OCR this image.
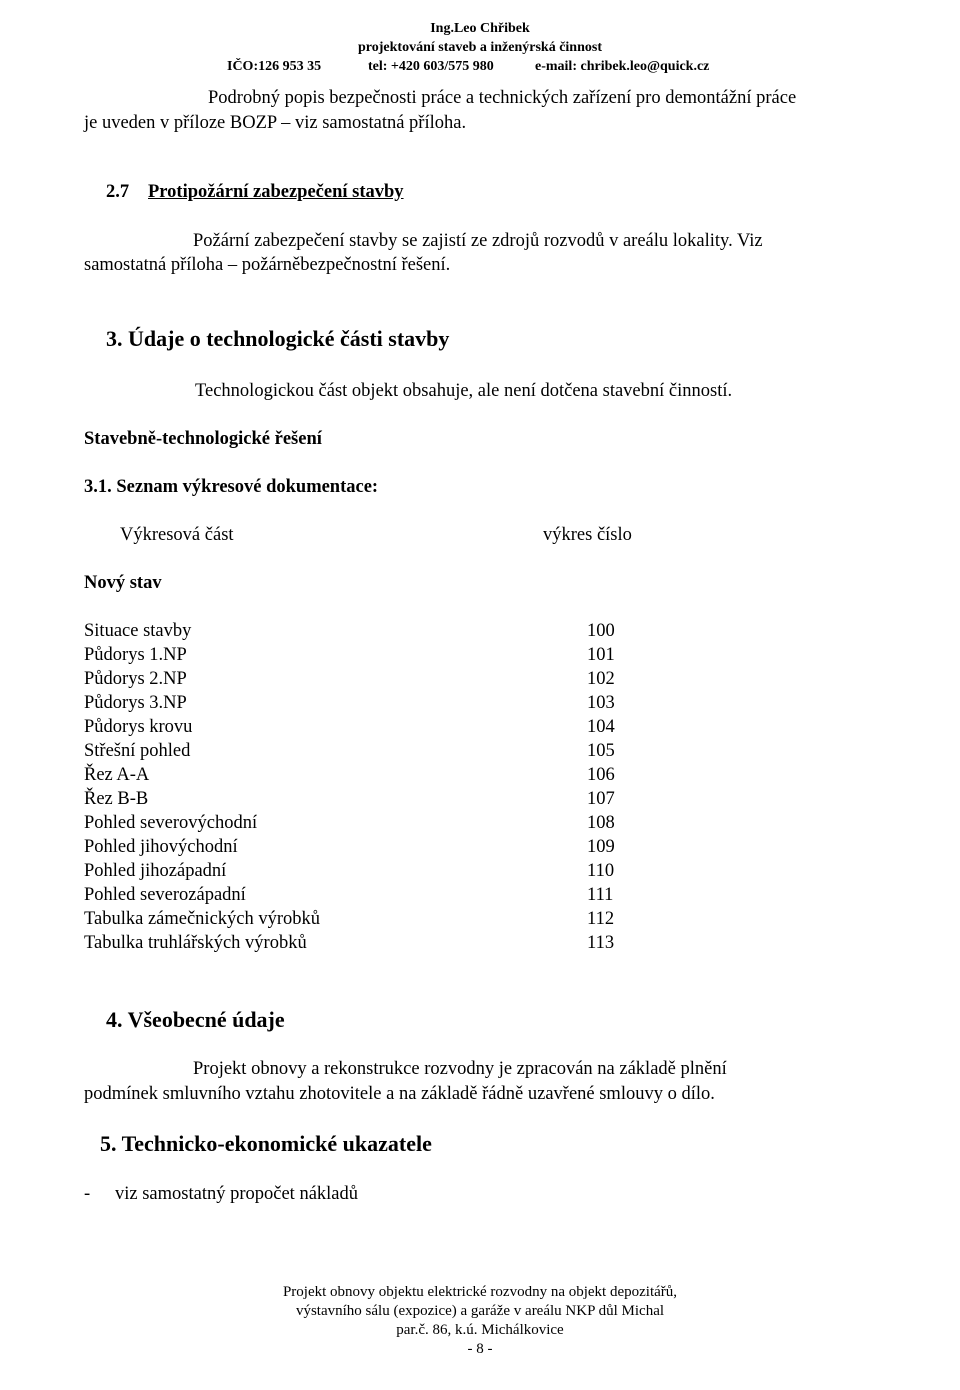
Ing.Leo Chřibek
projektování staveb a inženýrská činnost
IČO:126 953 35	tel: +420 603/575 980	e-mail: chribek.leo@quick.cz
Podrobný popis bezpečnosti práce a technických zařízení pro demontážní práce
je uveden v příloze BOZP – viz samostatná příloha.
2.7 Protipožární zabezpečení stavby
Požární zabezpečení stavby se zajistí ze zdrojů rozvodů v areálu lokality. Viz
samostatná příloha – požárněbezpečnostní řešení.
3. Údaje o technologické části stavby
Technologickou část objekt obsahuje, ale není dotčena stavební činností.
Stavebně-technologické řešení
3.1. Seznam výkresové dokumentace:
Výkresová část	výkres číslo
Nový stav
Situace stavby	100
Půdorys 1.NP	101
Půdorys 2.NP	102
Půdorys 3.NP	103
Půdorys krovu	104
Střešní pohled	105
Řez A-A	106
Řez B-B	107
Pohled severovýchodní	108
Pohled jihovýchodní	109
Pohled jihozápadní	110
Pohled severozápadní	111
Tabulka zámečnických výrobků	112
Tabulka truhlářských výrobků	113
4. Všeobecné údaje
Projekt obnovy a rekonstrukce rozvodny je zpracován na základě plnění
podmínek smluvního vztahu zhotovitele a na základě řádně uzavřené smlouvy o dílo.
5. Technicko-ekonomické ukazatele
- viz samostatný propočet nákladů
Projekt obnovy objektu elektrické rozvodny na objekt depozitářů,
výstavního sálu (expozice) a garáže v areálu NKP důl Michal
par.č. 86, k.ú. Michálkovice
- 8 -
